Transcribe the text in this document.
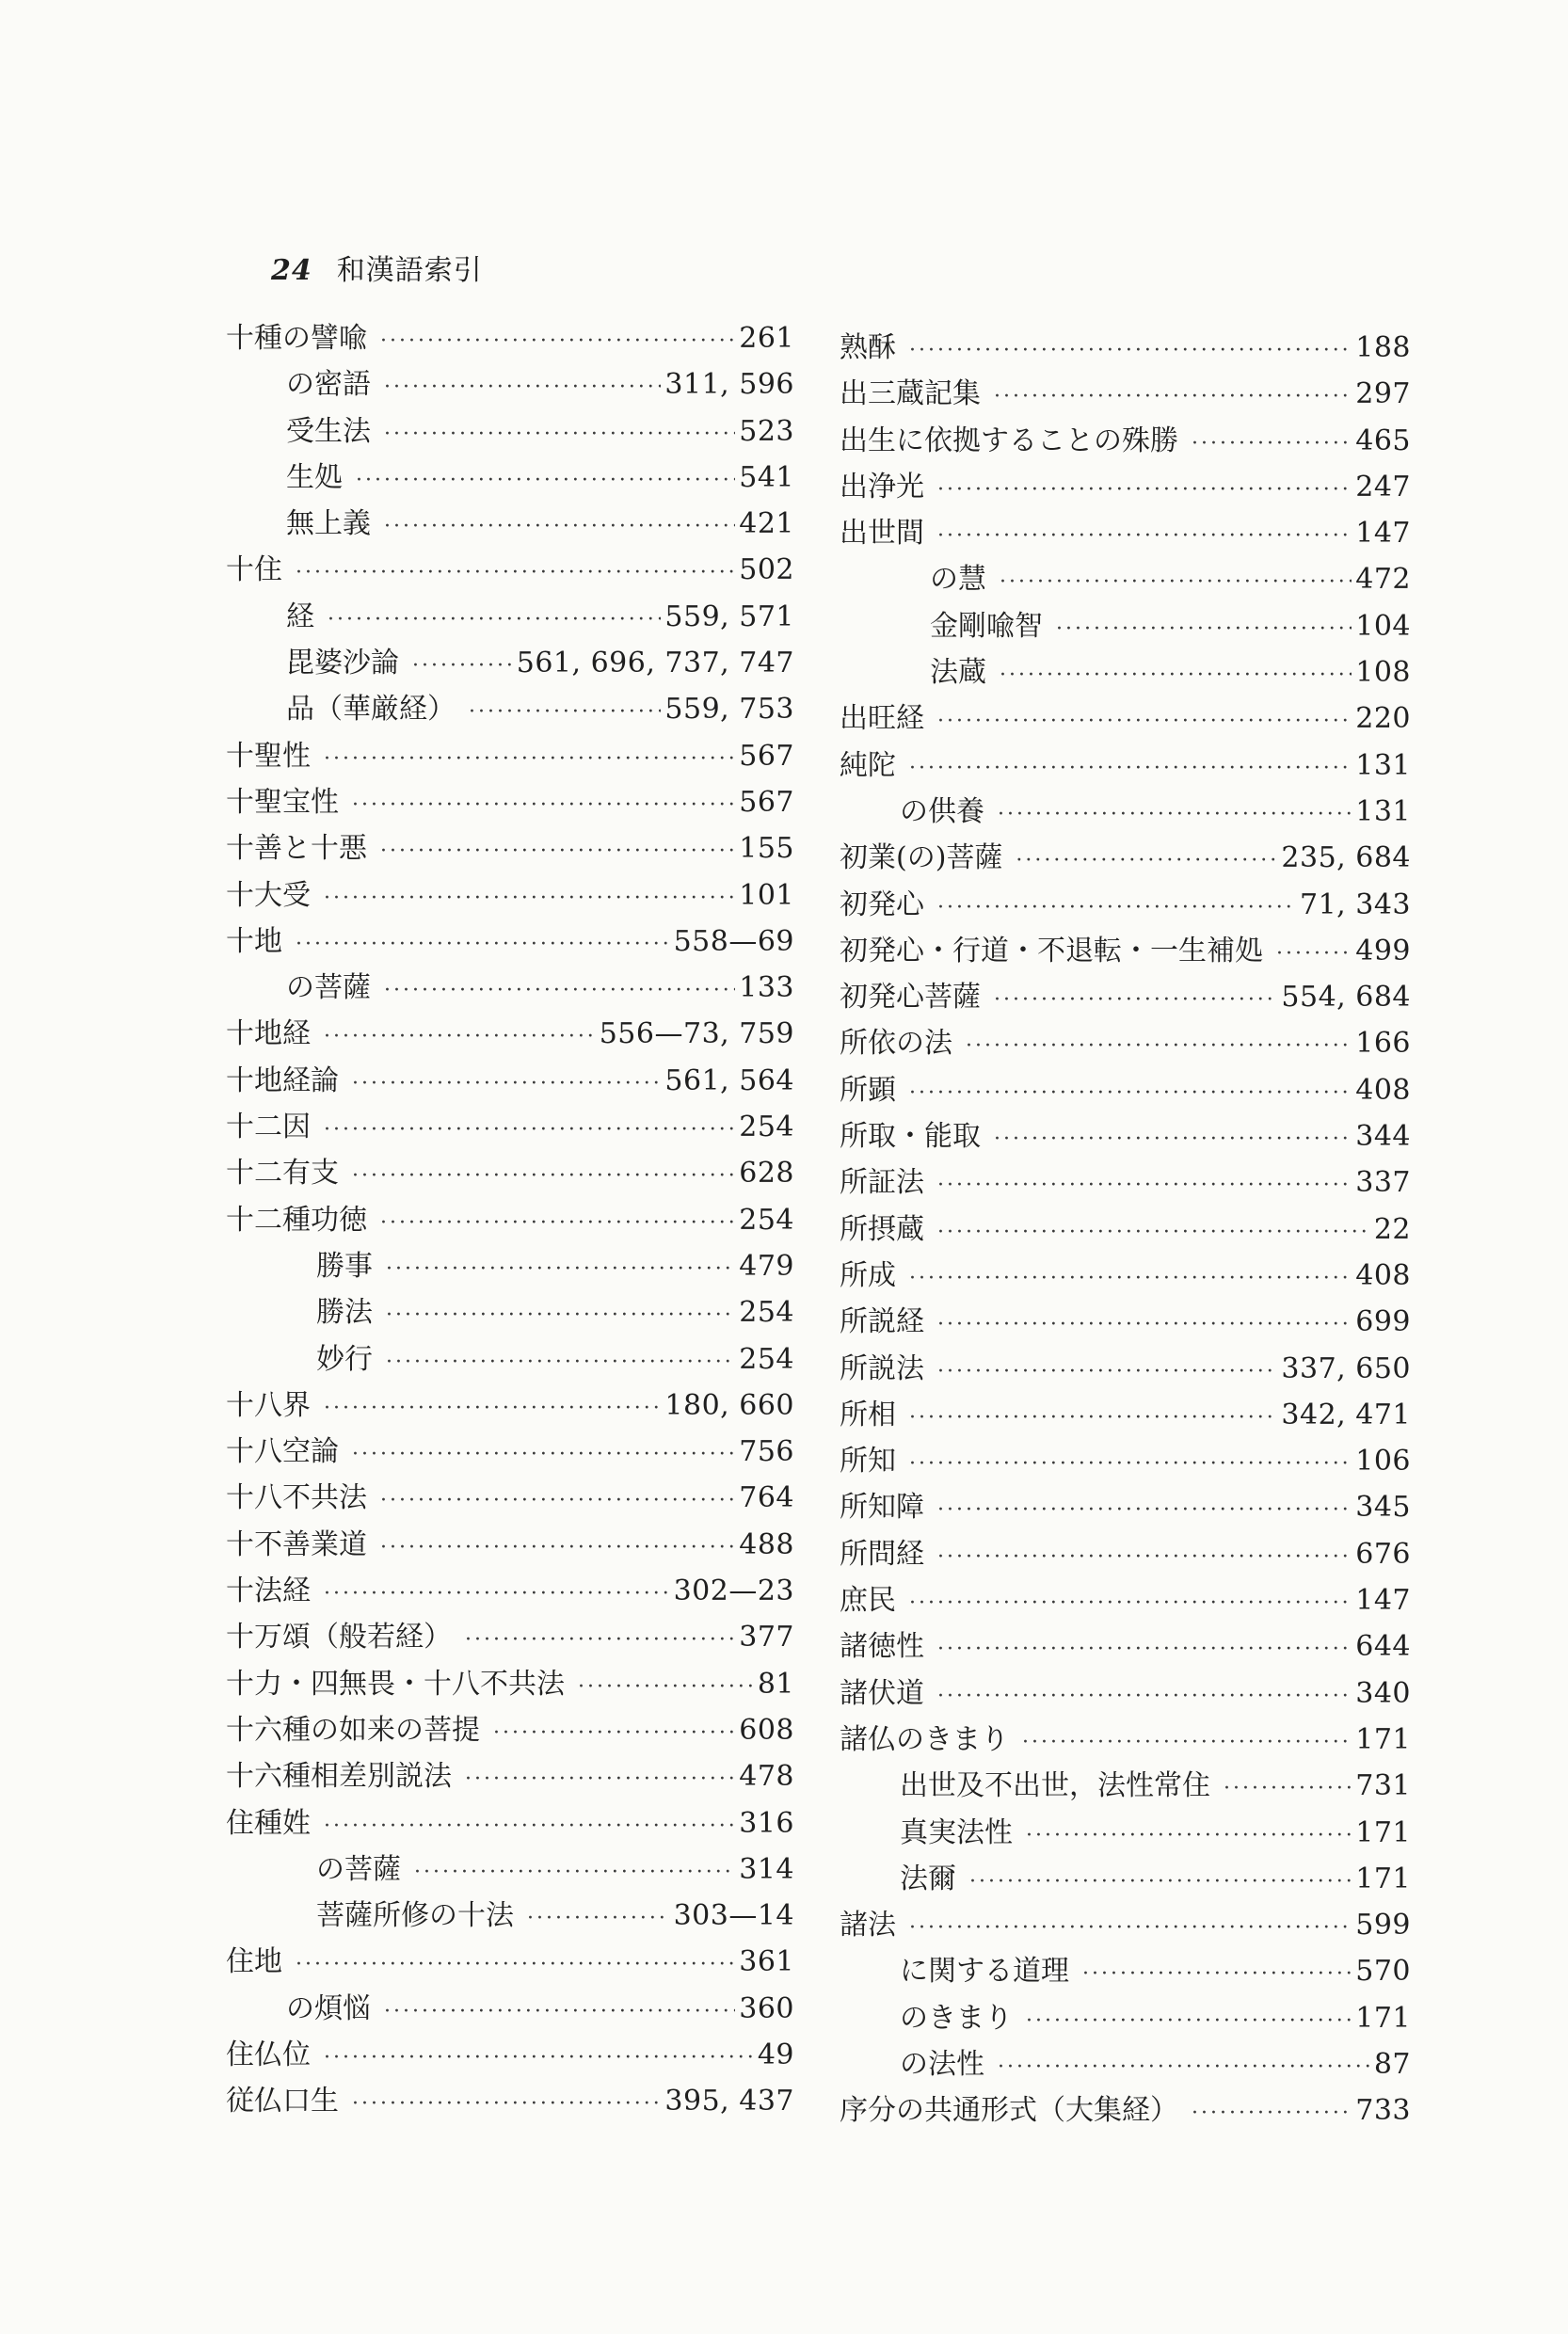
24 和漢語索引
十種の譬喩 ·····	261
の密語 ·····	311, 596
受生法 ·····	523
生処 ·····	541
無上義 ·····	421
十住 ·····	502
経 ·····	559, 571
毘婆沙論 ·····	561, 696, 737, 747
品（華厳経） ·····	559, 753
十聖性 ·····	567
十聖宝性 ·····	567
十善と十悪 ·····	155
十大受 ·····	101
十地 ·····	558—69
の菩薩 ·····	133
十地経 ·····	556—73, 759
十地経論 ·····	561, 564
十二因 ·····	254
十二有支 ·····	628
十二種功徳 ·····	254
勝事 ·····	479
勝法 ·····	254
妙行 ·····	254
十八界 ·····	180, 660
十八空論 ·····	756
十八不共法 ·····	764
十不善業道 ·····	488
十法経 ·····	302—23
十万頌（般若経） ·····	377
十力・四無畏・十八不共法 ·····	81
十六種の如来の菩提 ·····	608
十六種相差別説法 ·····	478
住種姓 ·····	316
の菩薩 ·····	314
菩薩所修の十法 ·····	303—14
住地 ·····	361
の煩悩 ·····	360
住仏位 ·····	49
従仏口生 ·····	395, 437
熟酥 ·····	188
出三蔵記集 ·····	297
出生に依拠することの殊勝 ·····	465
出浄光 ·····	247
出世間 ·····	147
の慧 ·····	472
金剛喩智 ·····	104
法蔵 ·····	108
出旺経 ·····	220
純陀 ·····	131
の供養 ·····	131
初業(の)菩薩 ·····	235, 684
初発心 ·····	71, 343
初発心・行道・不退転・一生補処 ·····	499
初発心菩薩 ·····	554, 684
所依の法 ·····	166
所顕 ·····	408
所取・能取 ·····	344
所証法 ·····	337
所摂蔵 ·····	22
所成 ·····	408
所説経 ·····	699
所説法 ·····	337, 650
所相 ·····	342, 471
所知 ·····	106
所知障 ·····	345
所問経 ·····	676
庶民 ·····	147
諸徳性 ·····	644
諸伏道 ·····	340
諸仏のきまり ·····	171
出世及不出世，法性常住 ·····	731
真実法性 ·····	171
法爾 ·····	171
諸法 ·····	599
に関する道理 ·····	570
のきまり ·····	171
の法性 ·····	87
序分の共通形式（大集経） ·····	733
